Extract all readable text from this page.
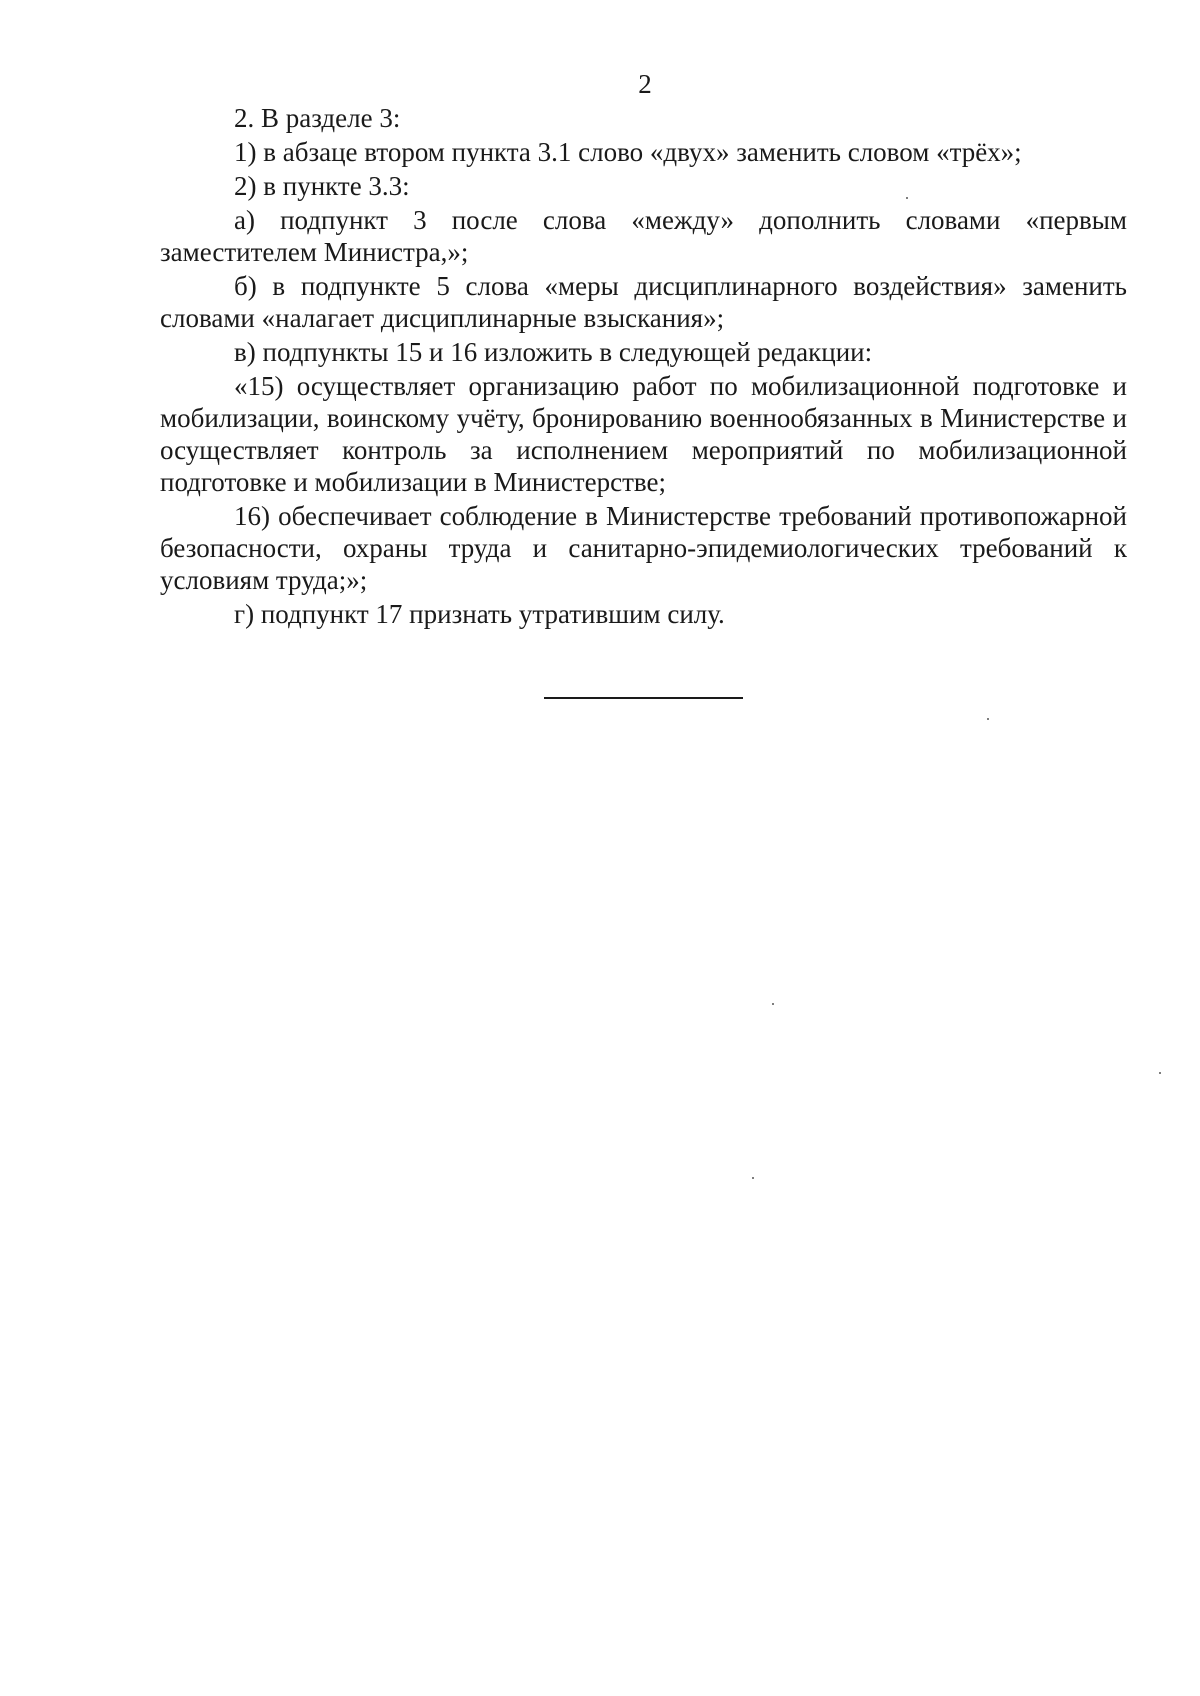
2

2. В разделе 3:

1) в абзаце втором пункта 3.1 слово «двух» заменить словом «трёх»;

2) в пункте 3.3:

а) подпункт 3 после слова «между» дополнить словами «первым заместителем Министра,»;

б) в подпункте 5 слова «меры дисциплинарного воздействия» заменить словами «налагает дисциплинарные взыскания»;

в) подпункты 15 и 16 изложить в следующей редакции:

«15) осуществляет организацию работ по мобилизационной подготовке и мобилизации, воинскому учёту, бронированию военнообязанных в Министерстве и осуществляет контроль за исполнением мероприятий по мобилизационной подготовке и мобилизации в Министерстве;

16) обеспечивает соблюдение в Министерстве требований противопожарной безопасности, охраны труда и санитарно-эпидемиологических требований к условиям труда;»;

г) подпункт 17 признать утратившим силу.
